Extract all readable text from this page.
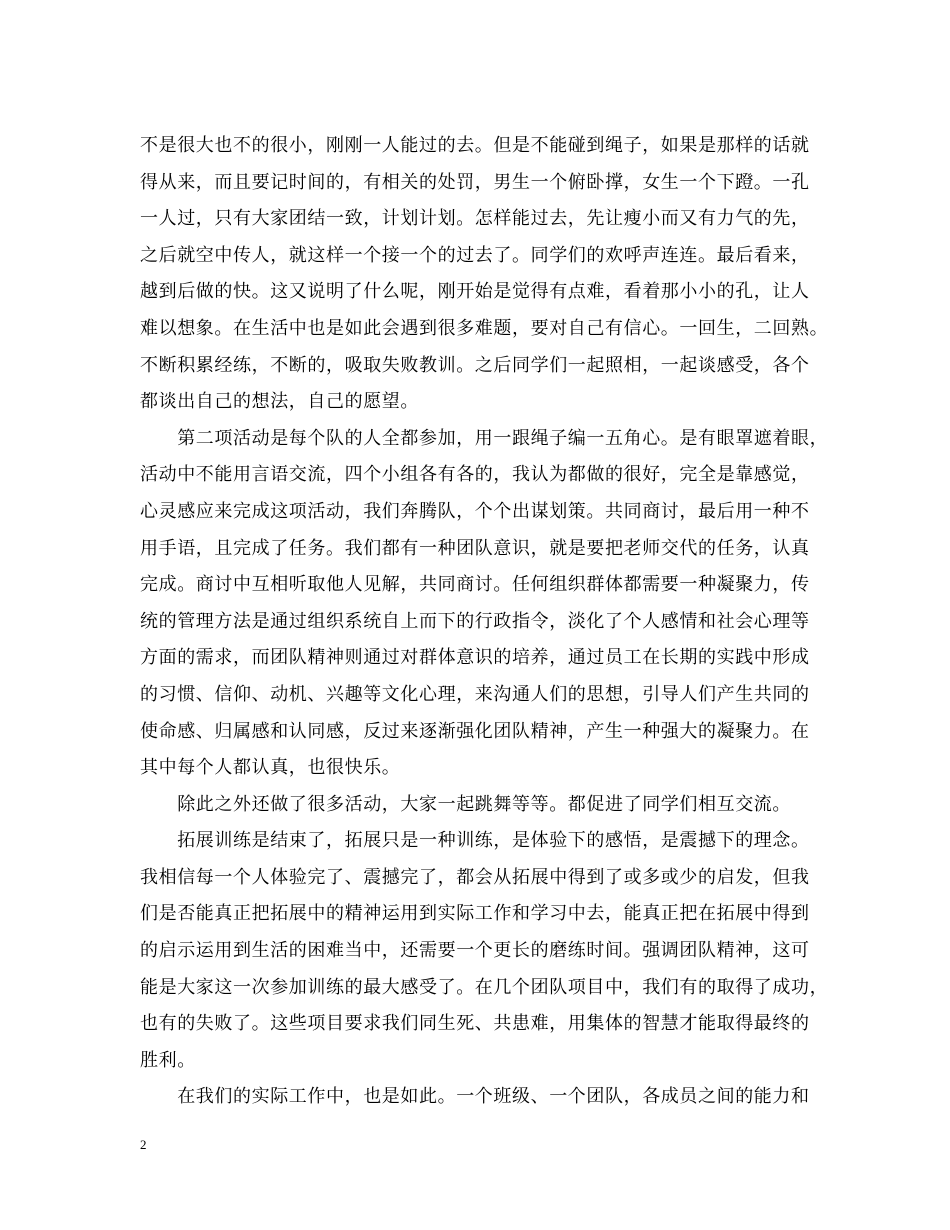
不是很大也不的很小，刚刚一人能过的去。但是不能碰到绳子，如果是那样的话就
得从来，而且要记时间的，有相关的处罚，男生一个俯卧撑，女生一个下蹬。一孔
一人过，只有大家团结一致，计划计划。怎样能过去，先让瘦小而又有力气的先，
之后就空中传人，就这样一个接一个的过去了。同学们的欢呼声连连。最后看来，
越到后做的快。这又说明了什么呢，刚开始是觉得有点难，看着那小小的孔，让人
难以想象。在生活中也是如此会遇到很多难题，要对自己有信心。一回生，二回熟。
不断积累经练，不断的，吸取失败教训。之后同学们一起照相，一起谈感受，各个
都谈出自己的想法，自己的愿望。
　　第二项活动是每个队的人全都参加，用一跟绳子编一五角心。是有眼罩遮着眼，
活动中不能用言语交流，四个小组各有各的，我认为都做的很好，完全是靠感觉，
心灵感应来完成这项活动，我们奔腾队，个个出谋划策。共同商讨，最后用一种不
用手语，且完成了任务。我们都有一种团队意识，就是要把老师交代的任务，认真
完成。商讨中互相听取他人见解，共同商讨。任何组织群体都需要一种凝聚力，传
统的管理方法是通过组织系统自上而下的行政指令，淡化了个人感情和社会心理等
方面的需求，而团队精神则通过对群体意识的培养，通过员工在长期的实践中形成
的习惯、信仰、动机、兴趣等文化心理，来沟通人们的思想，引导人们产生共同的
使命感、归属感和认同感，反过来逐渐强化团队精神，产生一种强大的凝聚力。在
其中每个人都认真，也很快乐。
　　除此之外还做了很多活动，大家一起跳舞等等。都促进了同学们相互交流。
　　拓展训练是结束了，拓展只是一种训练，是体验下的感悟，是震撼下的理念。
我相信每一个人体验完了、震撼完了，都会从拓展中得到了或多或少的启发，但我
们是否能真正把拓展中的精神运用到实际工作和学习中去，能真正把在拓展中得到
的启示运用到生活的困难当中，还需要一个更长的磨练时间。强调团队精神，这可
能是大家这一次参加训练的最大感受了。在几个团队项目中，我们有的取得了成功，
也有的失败了。这些项目要求我们同生死、共患难，用集体的智慧才能取得最终的
胜利。
　　在我们的实际工作中，也是如此。一个班级、一个团队，各成员之间的能力和
2
